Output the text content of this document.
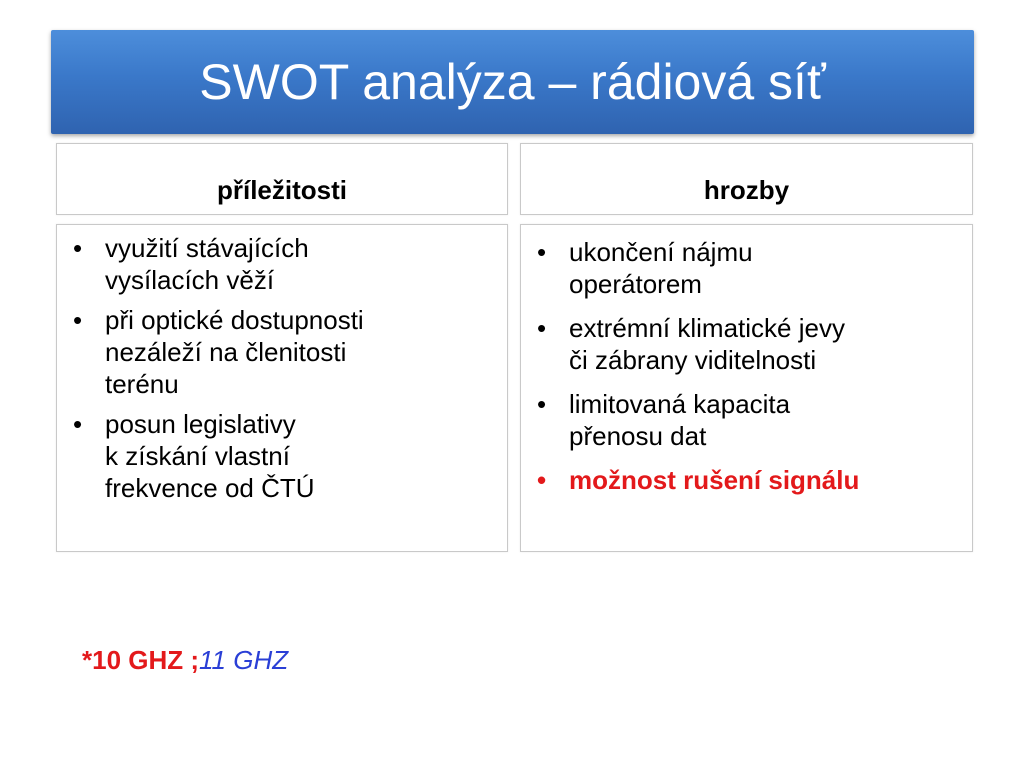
SWOT analýza – rádiová síť
příležitosti	hrozby
• využití stávajících
vysílacích věží
• při optické dostupnosti
nezáleží na členitosti
terénu
• posun legislativy
k získání vlastní
frekvence od ČTÚ
• ukončení nájmu
operátorem
• extrémní klimatické jevy
či zábrany viditelnosti
• limitovaná kapacita
přenosu dat
• možnost rušení signálu
*10 GHZ ;11 GHZ
